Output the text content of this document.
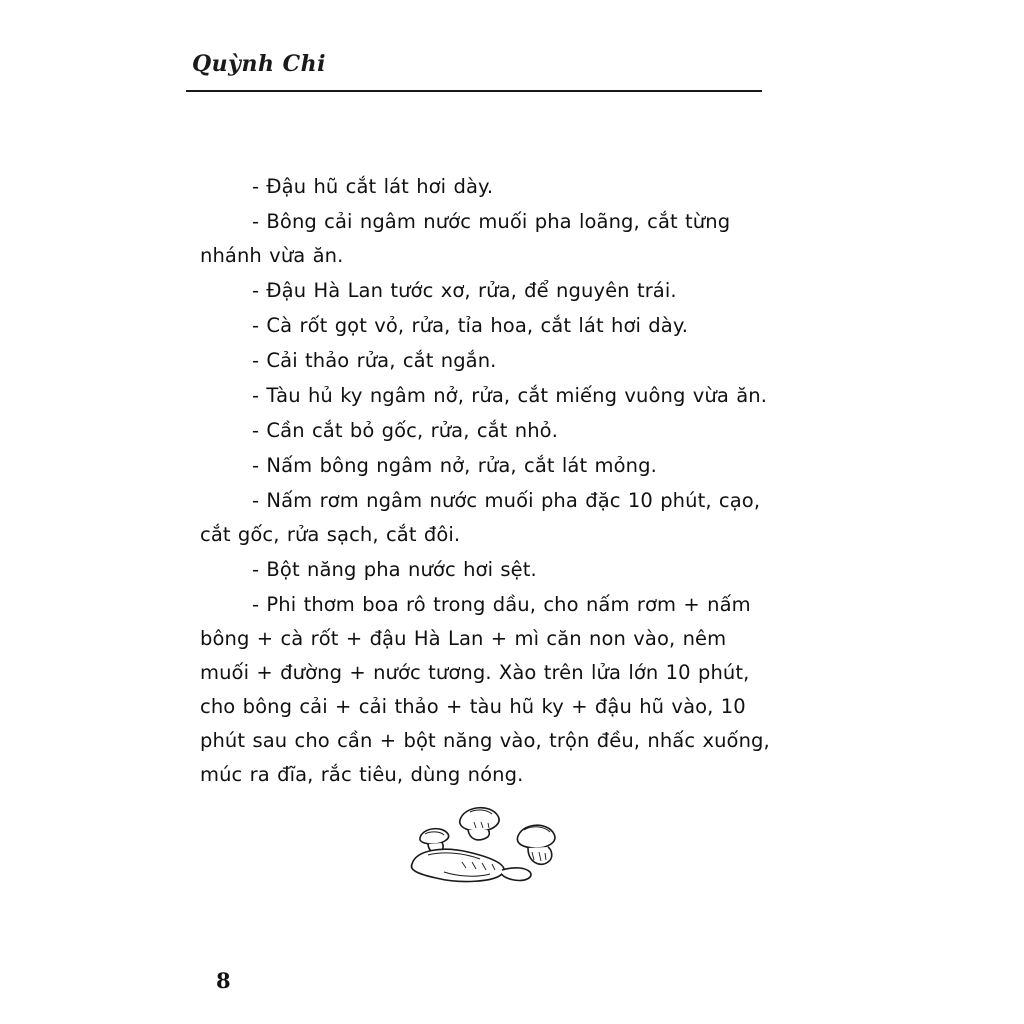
Quỳnh Chi

- Đậu hũ cắt lát hơi dày.

- Bông cải ngâm nước muối pha loãng, cắt từng nhánh vừa ăn.

- Đậu Hà Lan tước xơ, rửa, để nguyên trái.

- Cà rốt gọt vỏ, rửa, tỉa hoa, cắt lát hơi dày.

- Cải thảo rửa, cắt ngắn.

- Tàu hủ ky ngâm nở, rửa, cắt miếng vuông vừa ăn.

- Cần cắt bỏ gốc, rửa, cắt nhỏ.

- Nấm bông ngâm nở, rửa, cắt lát mỏng.

- Nấm rơm ngâm nước muối pha đặc 10 phút, cạo, cắt gốc, rửa sạch, cắt đôi.

- Bột năng pha nước hơi sệt.

- Phi thơm boa rô trong dầu, cho nấm rơm + nấm bông + cà rốt + đậu Hà Lan + mì căn non vào, nêm muối + đường + nước tương. Xào trên lửa lớn 10 phút, cho bông cải + cải thảo + tàu hũ ky + đậu hũ vào, 10 phút sau cho cần + bột năng vào, trộn đều, nhấc xuống, múc ra đĩa, rắc tiêu, dùng nóng.

8
